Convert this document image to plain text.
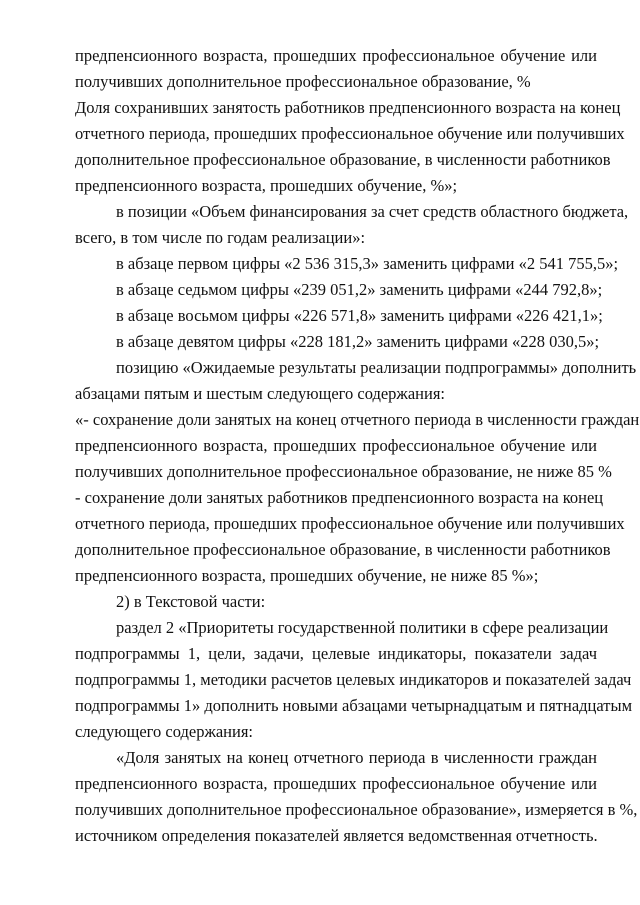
предпенсионного возраста, прошедших профессиональное обучение или
получивших дополнительное профессиональное образование, %
Доля сохранивших занятость работников предпенсионного возраста на конец
отчетного периода, прошедших профессиональное обучение или получивших
дополнительное профессиональное образование, в численности работников
предпенсионного возраста, прошедших обучение, %»;
в позиции «Объем финансирования за счет средств областного бюджета,
всего, в том числе по годам реализации»:
в абзаце первом цифры «2 536 315,3» заменить цифрами «2 541 755,5»;
в абзаце седьмом цифры «239 051,2» заменить цифрами «244 792,8»;
в абзаце восьмом цифры «226 571,8» заменить цифрами «226 421,1»;
в абзаце девятом цифры «228 181,2» заменить цифрами «228 030,5»;
позицию «Ожидаемые результаты реализации подпрограммы» дополнить
абзацами пятым и шестым следующего содержания:
«- сохранение доли занятых на конец отчетного периода в численности граждан
предпенсионного возраста, прошедших профессиональное обучение или
получивших дополнительное профессиональное образование, не ниже 85 %
- сохранение доли занятых работников предпенсионного возраста на конец
отчетного периода, прошедших профессиональное обучение или получивших
дополнительное профессиональное образование, в численности работников
предпенсионного возраста, прошедших обучение, не ниже 85 %»;
2) в Текстовой части:
раздел 2 «Приоритеты государственной политики в сфере реализации
подпрограммы 1, цели, задачи, целевые индикаторы, показатели задач
подпрограммы 1, методики расчетов целевых индикаторов и показателей задач
подпрограммы 1» дополнить новыми абзацами четырнадцатым и пятнадцатым
следующего содержания:
«Доля занятых на конец отчетного периода в численности граждан
предпенсионного возраста, прошедших профессиональное обучение или
получивших дополнительное профессиональное образование», измеряется в %,
источником определения показателей является ведомственная отчетность.
